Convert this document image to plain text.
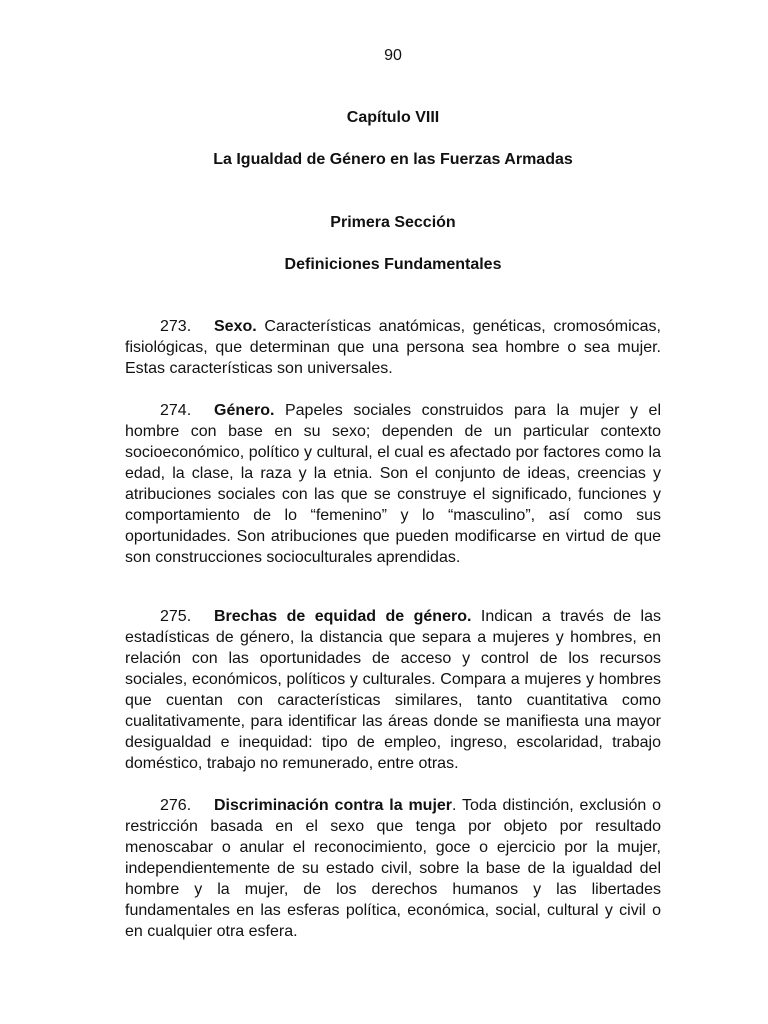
90
Capítulo VIII
La Igualdad de Género en las Fuerzas Armadas
Primera Sección
Definiciones Fundamentales

273. Sexo. Características anatómicas, genéticas, cromosómicas, fisiológicas, que determinan que una persona sea hombre o sea mujer. Estas características son universales.

274. Género. Papeles sociales construidos para la mujer y el hombre con base en su sexo; dependen de un particular contexto socioeconómico, político y cultural, el cual es afectado por factores como la edad, la clase, la raza y la etnia. Son el conjunto de ideas, creencias y atribuciones sociales con las que se construye el significado, funciones y comportamiento de lo “femenino” y lo “masculino”, así como sus oportunidades. Son atribuciones que pueden modificarse en virtud de que son construcciones socioculturales aprendidas.

275. Brechas de equidad de género. Indican a través de las estadísticas de género, la distancia que separa a mujeres y hombres, en relación con las oportunidades de acceso y control de los recursos sociales, económicos, políticos y culturales. Compara a mujeres y hombres que cuentan con características similares, tanto cuantitativa como cualitativamente, para identificar las áreas donde se manifiesta una mayor desigualdad e inequidad: tipo de empleo, ingreso, escolaridad, trabajo doméstico, trabajo no remunerado, entre otras.

276. Discriminación contra la mujer. Toda distinción, exclusión o restricción basada en el sexo que tenga por objeto por resultado menoscabar o anular el reconocimiento, goce o ejercicio por la mujer, independientemente de su estado civil, sobre la base de la igualdad del hombre y la mujer, de los derechos humanos y las libertades fundamentales en las esferas política, económica, social, cultural y civil o en cualquier otra esfera.
